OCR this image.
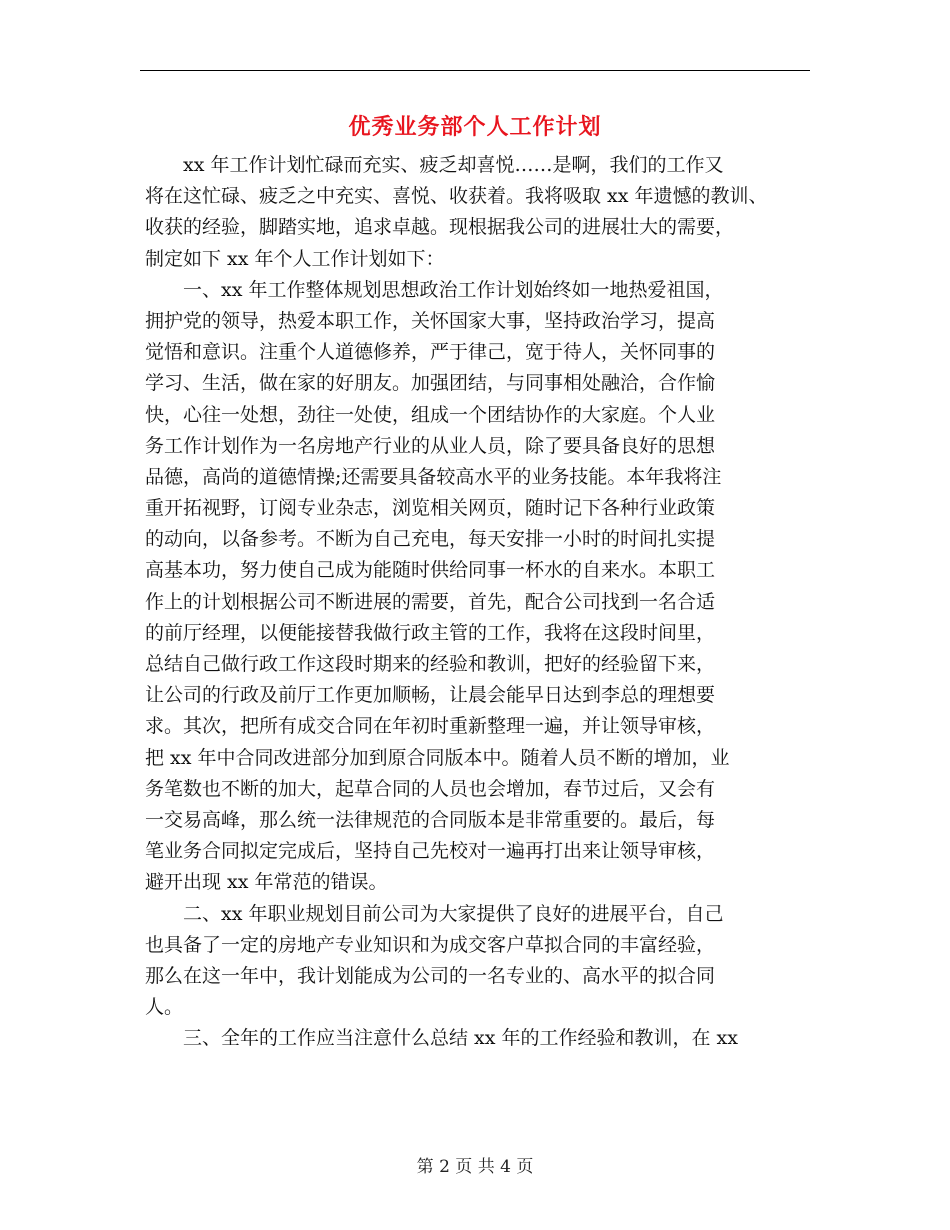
优秀业务部个人工作计划
xx 年工作计划忙碌而充实、疲乏却喜悦……是啊，我们的工作又
将在这忙碌、疲乏之中充实、喜悦、收获着。我将吸取 xx 年遗憾的教训、
收获的经验，脚踏实地，追求卓越。现根据我公司的进展壮大的需要，
制定如下 xx 年个人工作计划如下：
一、xx 年工作整体规划思想政治工作计划始终如一地热爱祖国，
拥护党的领导，热爱本职工作，关怀国家大事，坚持政治学习，提高
觉悟和意识。注重个人道德修养，严于律己，宽于待人，关怀同事的
学习、生活，做在家的好朋友。加强团结，与同事相处融洽，合作愉
快，心往一处想，劲往一处使，组成一个团结协作的大家庭。个人业
务工作计划作为一名房地产行业的从业人员，除了要具备良好的思想
品德，高尚的道德情操;还需要具备较高水平的业务技能。本年我将注
重开拓视野，订阅专业杂志，浏览相关网页，随时记下各种行业政策
的动向，以备参考。不断为自己充电，每天安排一小时的时间扎实提
高基本功，努力使自己成为能随时供给同事一杯水的自来水。本职工
作上的计划根据公司不断进展的需要，首先，配合公司找到一名合适
的前厅经理，以便能接替我做行政主管的工作，我将在这段时间里，
总结自己做行政工作这段时期来的经验和教训，把好的经验留下来，
让公司的行政及前厅工作更加顺畅，让晨会能早日达到李总的理想要
求。其次，把所有成交合同在年初时重新整理一遍，并让领导审核，
把 xx 年中合同改进部分加到原合同版本中。随着人员不断的增加，业
务笔数也不断的加大，起草合同的人员也会增加，春节过后，又会有
一交易高峰，那么统一法律规范的合同版本是非常重要的。最后，每
笔业务合同拟定完成后，坚持自己先校对一遍再打出来让领导审核，
避开出现 xx 年常范的错误。
二、xx 年职业规划目前公司为大家提供了良好的进展平台，自己
也具备了一定的房地产专业知识和为成交客户草拟合同的丰富经验，
那么在这一年中，我计划能成为公司的一名专业的、高水平的拟合同
人。
三、全年的工作应当注意什么总结 xx 年的工作经验和教训，在 xx
第 2 页 共 4 页
